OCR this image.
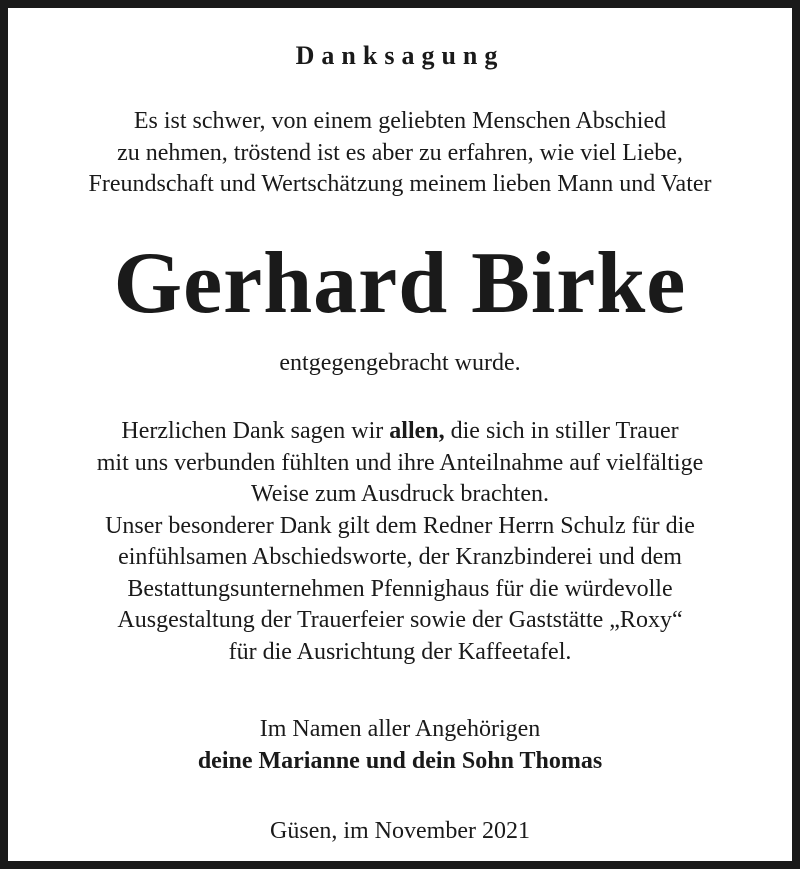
Danksagung
Es ist schwer, von einem geliebten Menschen Abschied
zu nehmen, tröstend ist es aber zu erfahren, wie viel Liebe,
Freundschaft und Wertschätzung meinem lieben Mann und Vater
Gerhard Birke
entgegengebracht wurde.
Herzlichen Dank sagen wir allen, die sich in stiller Trauer
mit uns verbunden fühlten und ihre Anteilnahme auf vielfältige
Weise zum Ausdruck brachten.
Unser besonderer Dank gilt dem Redner Herrn Schulz für die
einfühlsamen Abschiedsworte, der Kranzbinderei und dem
Bestattungsunternehmen Pfennighaus für die würdevolle
Ausgestaltung der Trauerfeier sowie der Gaststätte „Roxy“
für die Ausrichtung der Kaffeetafel.
Im Namen aller Angehörigen
deine Marianne und dein Sohn Thomas
Güsen, im November 2021
